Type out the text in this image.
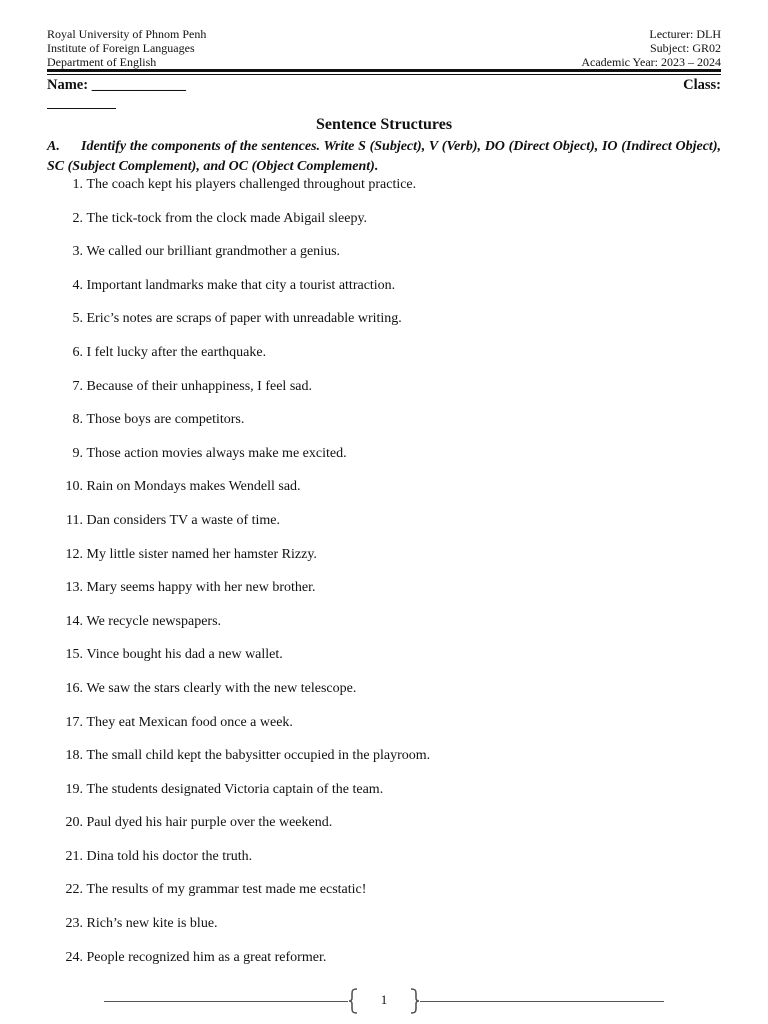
Royal University of Phnom Penh
Institute of Foreign Languages
Department of English
Lecturer: DLH
Subject: GR02
Academic Year: 2023 – 2024
Name: _____________	Class:
Sentence Structures
A. Identify the components of the sentences. Write S (Subject), V (Verb), DO (Direct Object), IO (Indirect Object), SC (Subject Complement), and OC (Object Complement).
1. The coach kept his players challenged throughout practice.
2. The tick-tock from the clock made Abigail sleepy.
3. We called our brilliant grandmother a genius.
4. Important landmarks make that city a tourist attraction.
5. Eric’s notes are scraps of paper with unreadable writing.
6. I felt lucky after the earthquake.
7. Because of their unhappiness, I feel sad.
8. Those boys are competitors.
9. Those action movies always make me excited.
10. Rain on Mondays makes Wendell sad.
11. Dan considers TV a waste of time.
12. My little sister named her hamster Rizzy.
13. Mary seems happy with her new brother.
14. We recycle newspapers.
15. Vince bought his dad a new wallet.
16. We saw the stars clearly with the new telescope.
17. They eat Mexican food once a week.
18. The small child kept the babysitter occupied in the playroom.
19. The students designated Victoria captain of the team.
20. Paul dyed his hair purple over the weekend.
21. Dina told his doctor the truth.
22. The results of my grammar test made me ecstatic!
23. Rich’s new kite is blue.
24. People recognized him as a great reformer.
1
